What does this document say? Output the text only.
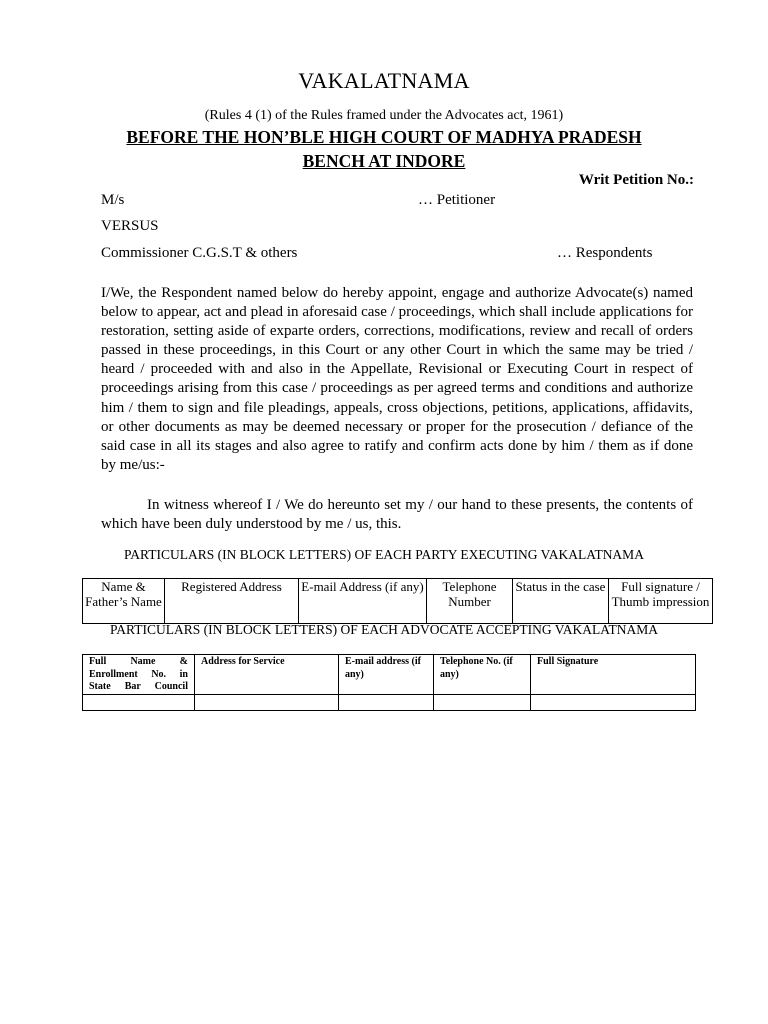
VAKALATNAMA
(Rules 4 (1) of the Rules framed under the Advocates act, 1961)
BEFORE THE HON’BLE HIGH COURT OF MADHYA PRADESH
BENCH AT INDORE
Writ Petition No.:
M/s	… Petitioner
VERSUS
Commissioner C.G.S.T & others	… Respondents
I/We, the Respondent named below do hereby appoint, engage and authorize Advocate(s) named below to appear, act and plead in aforesaid case / proceedings, which shall include applications for restoration, setting aside of exparte orders, corrections, modifications, review and recall of orders passed in these proceedings, in this Court or any other Court in which the same may be tried / heard / proceeded with and also in the Appellate, Revisional or Executing Court in respect of proceedings arising from this case / proceedings as per agreed terms and conditions and authorize him / them to sign and file pleadings, appeals, cross objections, petitions, applications, affidavits, or other documents as may be deemed necessary or proper for the prosecution / defiance of the said case in all its stages and also agree to ratify and confirm acts done by him / them as if done by me/us:-
In witness whereof I / We do hereunto set my / our hand to these presents, the contents of which have been duly understood by me / us, this.
PARTICULARS (IN BLOCK LETTERS) OF EACH PARTY EXECUTING VAKALATNAMA
Name & Father’s Name	Registered Address	E-mail Address (if any)	Telephone Number	Status in the case	Full signature / Thumb impression
PARTICULARS (IN BLOCK LETTERS) OF EACH ADVOCATE ACCEPTING VAKALATNAMA
Full Name & Enrollment No. in State Bar Council	Address for Service	E-mail address (if any)	Telephone No. (if any)	Full Signature
